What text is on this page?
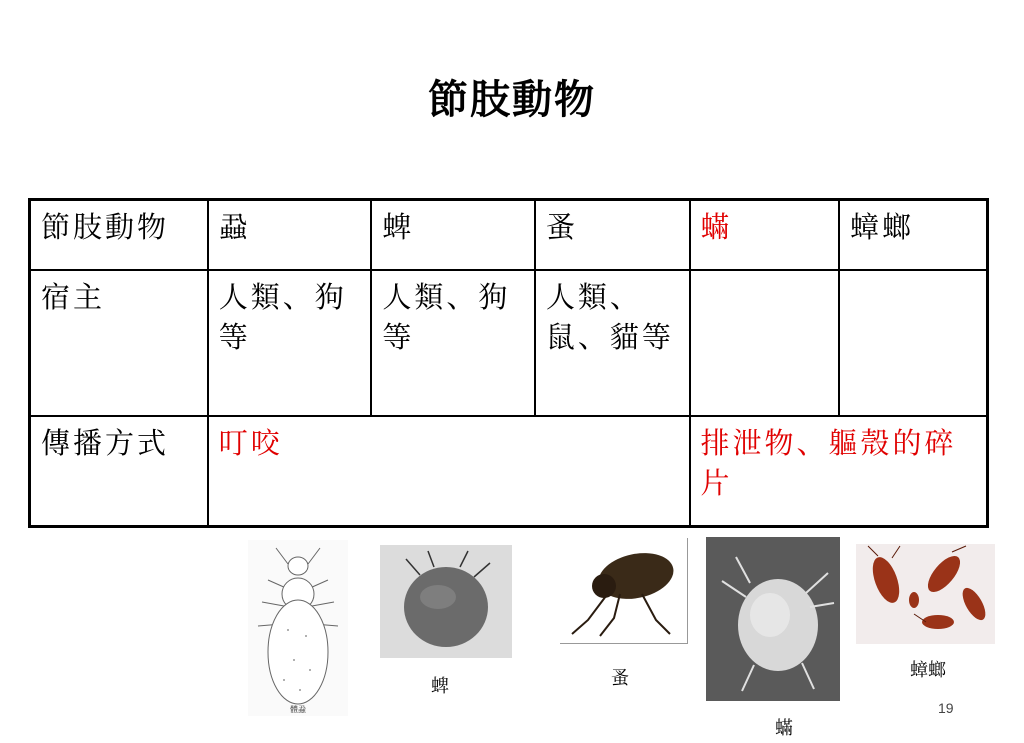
節肢動物
節肢動物	蝨	蜱	蚤	蟎	蟑螂
宿主	人類、狗等	人類、狗等	人類、鼠、貓等		
傳播方式	叮咬			排泄物、軀殼的碎片	
體蝨
蜱	蚤
蟎
蟑螂
19
